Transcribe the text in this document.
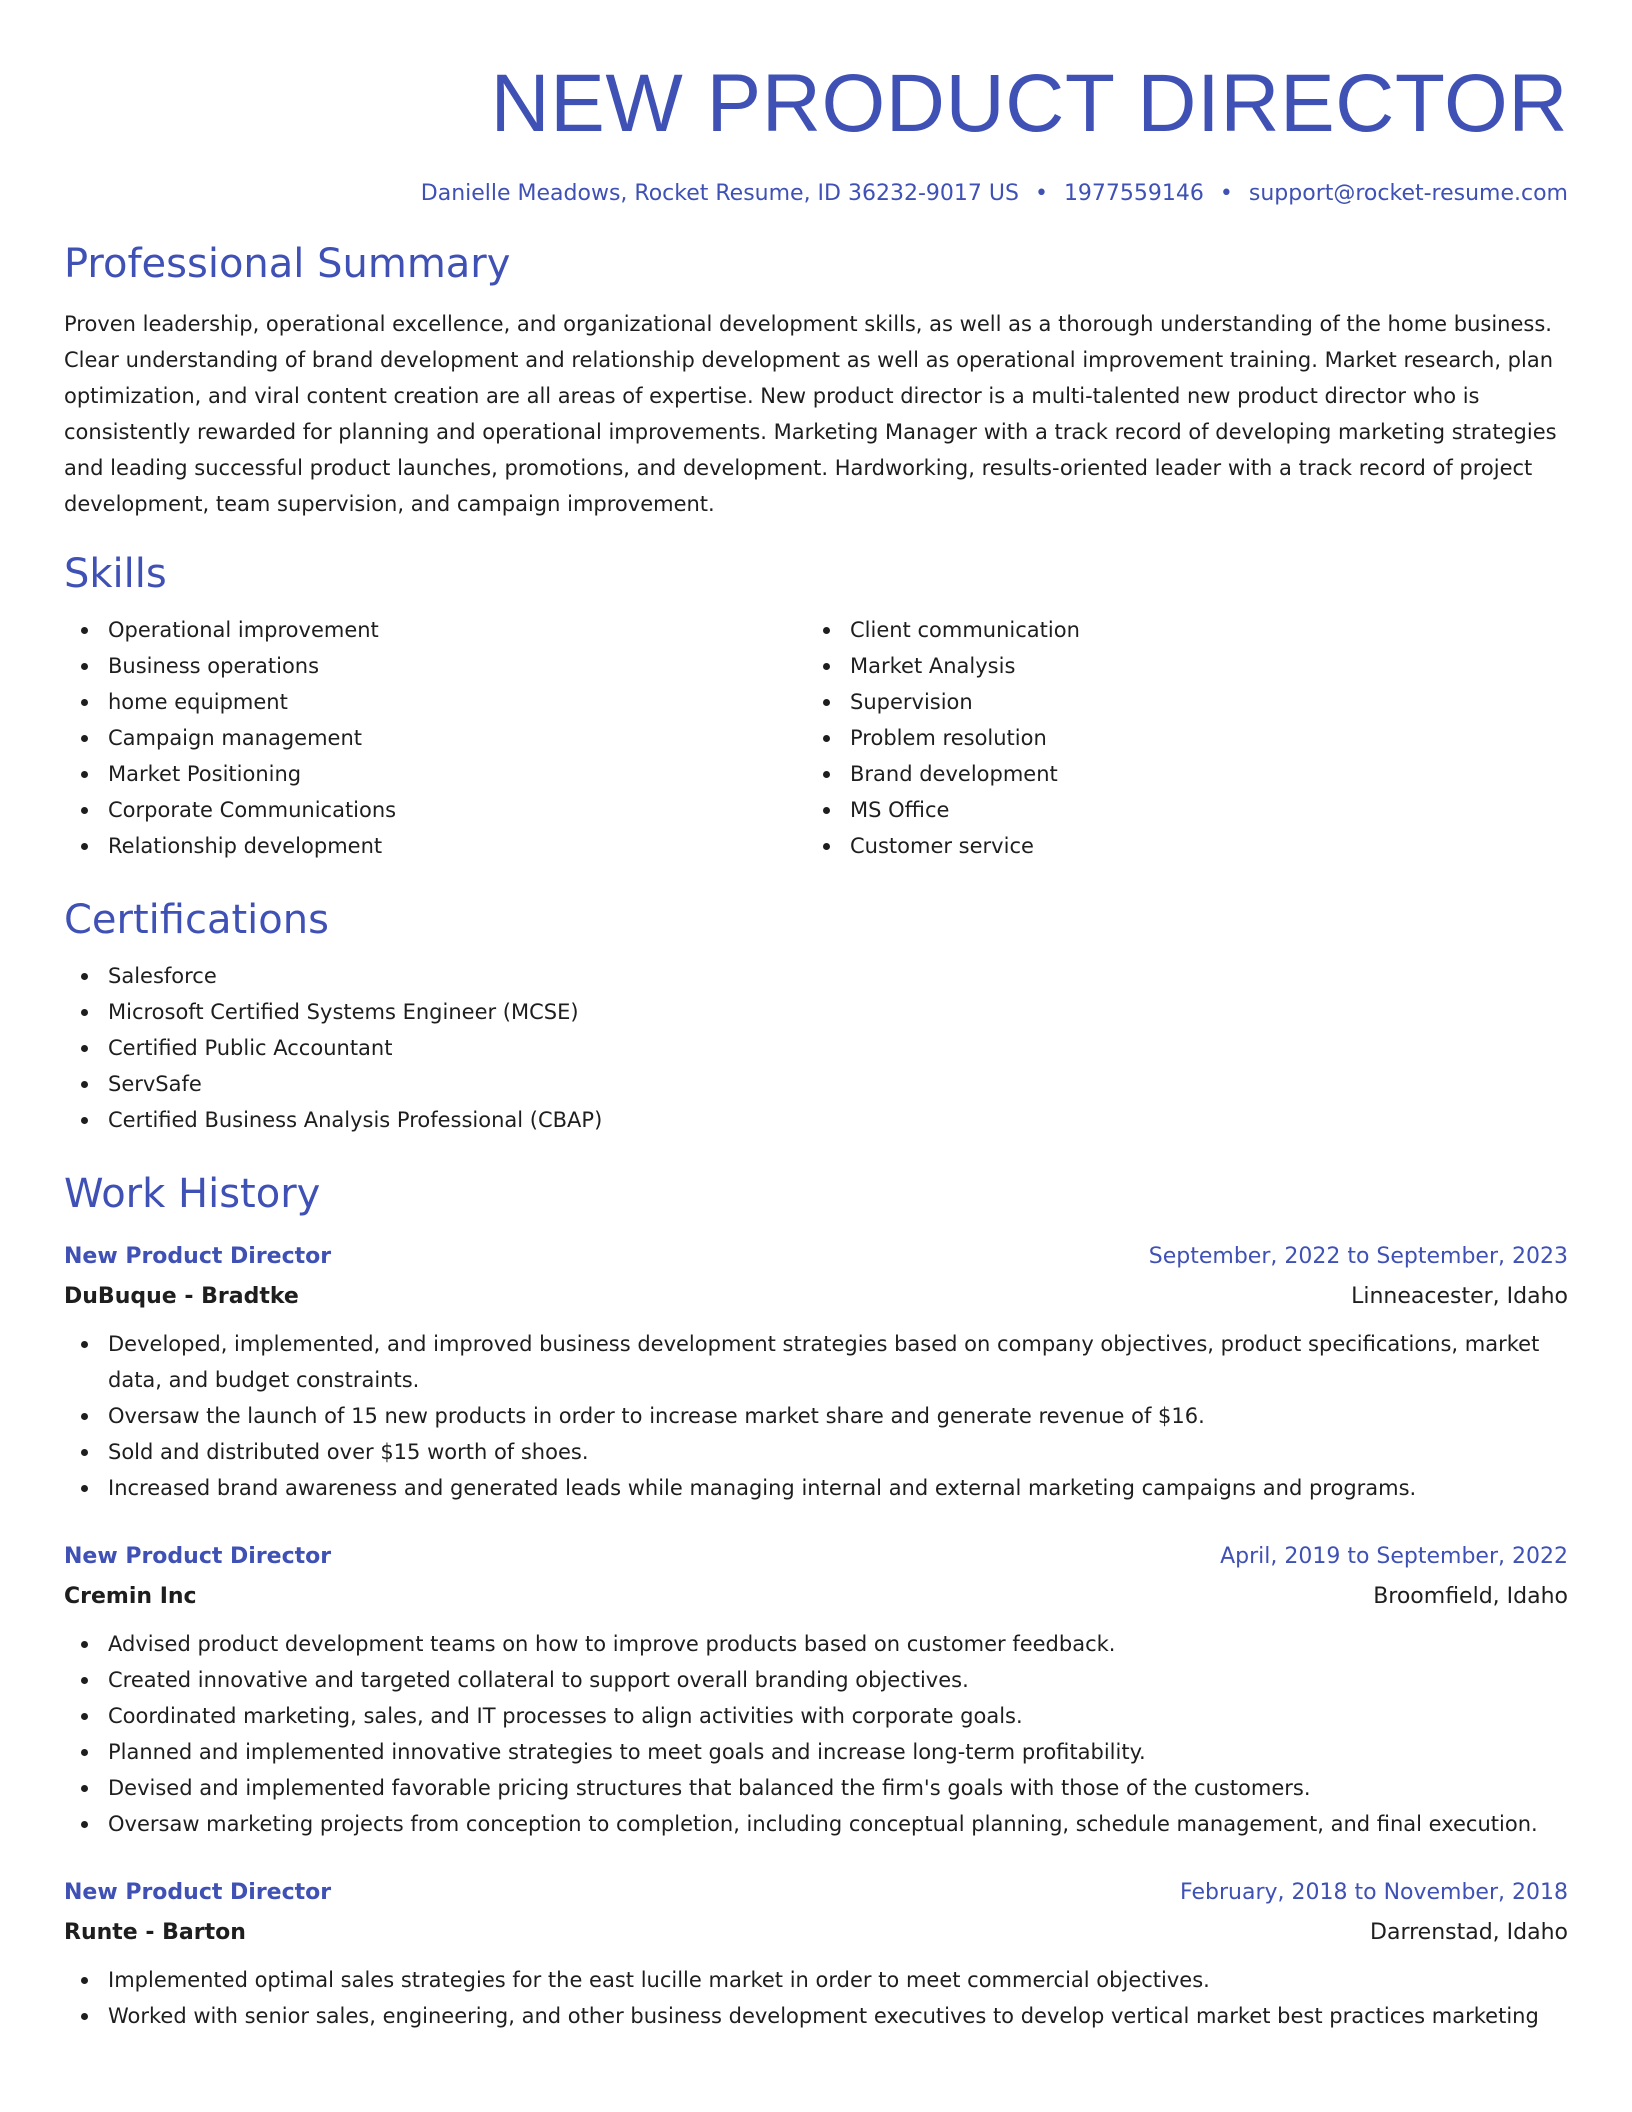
NEW PRODUCT DIRECTOR
Danielle Meadows, Rocket Resume, ID 36232-9017 US • 1977559146 • support@rocket-resume.com
Professional Summary

Proven leadership, operational excellence, and organizational development skills, as well as a thorough understanding of the home business. Clear understanding of brand development and relationship development as well as operational improvement training. Market research, plan optimization, and viral content creation are all areas of expertise. New product director is a multi-talented new product director who is consistently rewarded for planning and operational improvements. Marketing Manager with a track record of developing marketing strategies and leading successful product launches, promotions, and development. Hardworking, results-oriented leader with a track record of project development, team supervision, and campaign improvement.

Skills
Operational improvement
Business operations
home equipment
Campaign management
Market Positioning
Corporate Communications
Relationship development
Client communication
Market Analysis
Supervision
Problem resolution
Brand development
MS Office
Customer service
Certifications
Salesforce
Microsoft Certified Systems Engineer (MCSE)
Certified Public Accountant
ServSafe
Certified Business Analysis Professional (CBAP)
Work History
New Product Director	September, 2022 to September, 2023
DuBuque - Bradtke	Linneacester, Idaho
Developed, implemented, and improved business development strategies based on company objectives, product specifications, market data, and budget constraints.
Oversaw the launch of 15 new products in order to increase market share and generate revenue of $16.
Sold and distributed over $15 worth of shoes.
Increased brand awareness and generated leads while managing internal and external marketing campaigns and programs.
New Product Director	April, 2019 to September, 2022
Cremin Inc	Broomfield, Idaho
Advised product development teams on how to improve products based on customer feedback.
Created innovative and targeted collateral to support overall branding objectives.
Coordinated marketing, sales, and IT processes to align activities with corporate goals.
Planned and implemented innovative strategies to meet goals and increase long-term profitability.
Devised and implemented favorable pricing structures that balanced the firm's goals with those of the customers.
Oversaw marketing projects from conception to completion, including conceptual planning, schedule management, and final execution.
New Product Director	February, 2018 to November, 2018
Runte - Barton	Darrenstad, Idaho
Implemented optimal sales strategies for the east lucille market in order to meet commercial objectives.
Worked with senior sales, engineering, and other business development executives to develop vertical market best practices marketing
